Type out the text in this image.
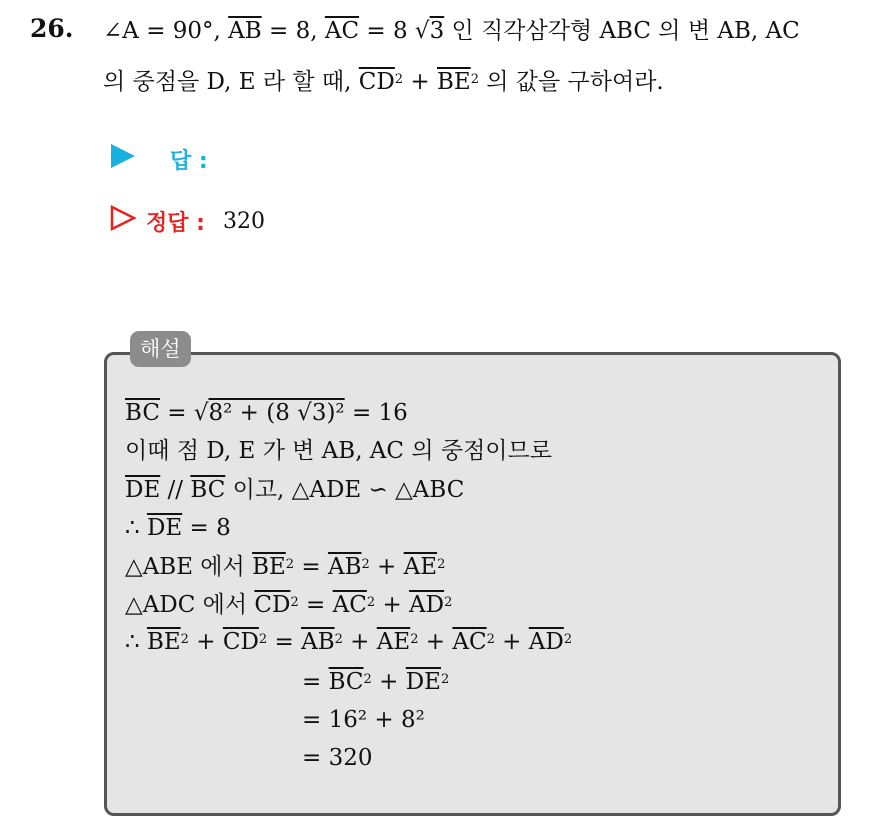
26. ∠A = 90°, $\overline{AB} = 8$, $\overline{AC} = 8$ √3 인 직각삼각형 ABC 의 변 AB, AC
의 중점을 D, E 라 할 때, $\overline{CD}^2 + \overline{BE}^2$ 의 값을 구하여라.
답 :
정답 : 320
해설
$\overline{BC} = √8^2 + (8$ √3)² = 16
이때 점 D, E 가 변 AB, AC 의 중점이므로
$\overline{DE} // \overline{BC}$ 이고, △ADE ∽ △ABC
∴ $\overline{DE} = 8$
△ABE 에서 $\overline{BE}^2 = \overline{AB}^2 + \overline{AE}^2$
△ADC 에서 $\overline{CD}^2 = \overline{AC}^2 + \overline{AD}^2$
∴ $\overline{BE}^2 + \overline{CD}^2 = \overline{AB}^2 + \overline{AE}^2 + \overline{AC}^2 + \overline{AD}^2$
= $\overline{BC}^2 + \overline{DE}^2$
= 16² + 8²
= 320
